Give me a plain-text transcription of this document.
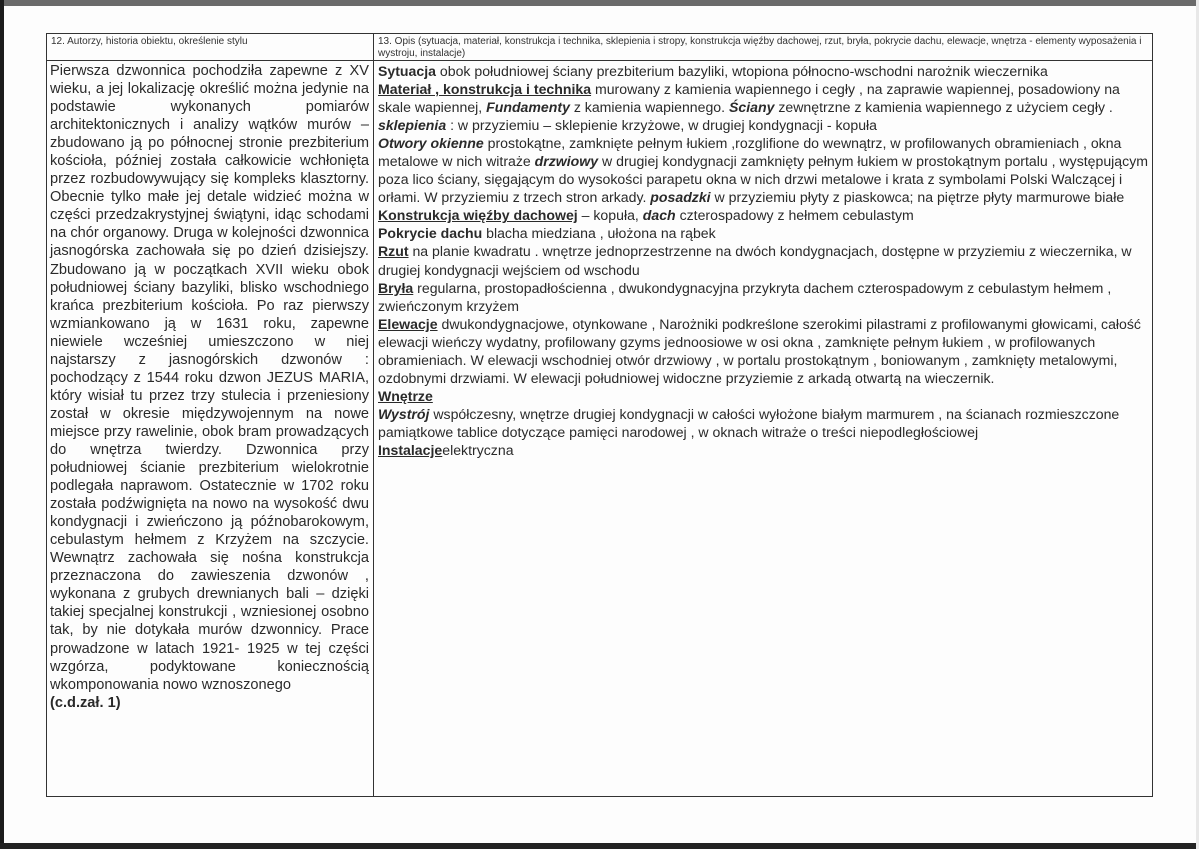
12. Autorzy, historia obiektu, określenie stylu	13. Opis (sytuacja, materiał, konstrukcja i technika, sklepienia i stropy, konstrukcja więźby dachowej, rzut, bryła, pokrycie dachu, elewacje, wnętrza - elementy wyposażenia i wystroju, instalacje)

Pierwsza dzwonnica pochodziła zapewne z XV wieku, a jej lokalizację określić można jedynie na podstawie wykonanych pomiarów architektonicznych i analizy wątków murów – zbudowano ją po północnej stronie prezbiterium kościoła, później została całkowicie wchłonięta przez rozbudowywujący się kompleks klasztorny. Obecnie tylko małe jej detale widzieć można w części przedzakrystyjnej świątyni, idąc schodami na chór organowy. Druga w kolejności dzwonnica jasnogórska zachowała się po dzień dzisiejszy. Zbudowano ją w początkach XVII wieku obok południowej ściany bazyliki, blisko wschodniego krańca prezbiterium kościoła. Po raz pierwszy wzmiankowano ją w 1631 roku, zapewne niewiele wcześniej umieszczono w niej najstarszy z jasnogórskich dzwonów : pochodzący z 1544 roku dzwon JEZUS MARIA, który wisiał tu przez trzy stulecia i przeniesiony został w okresie międzywojennym na nowe miejsce przy rawelinie, obok bram prowadzących do wnętrza twierdzy. Dzwonnica przy południowej ścianie prezbiterium wielokrotnie podlegała naprawom. Ostatecznie w 1702 roku została podźwignięta na nowo na wysokość dwu kondygnacji i zwieńczono ją późnobarokowym, cebulastym hełmem z Krzyżem na szczycie. Wewnątrz zachowała się nośna konstrukcja przeznaczona do zawieszenia dzwonów , wykonana z grubych drewnianych bali – dzięki takiej specjalnej konstrukcji , wzniesionej osobno tak, by nie dotykała murów dzwonnicy. Prace prowadzone w latach 1921- 1925 w tej części wzgórza, podyktowane koniecznością wkomponowania nowo wznoszonego

(c.d.zał. 1)

Sytuacja obok południowej ściany prezbiterium bazyliki, wtopiona północno-wschodni narożnik wieczernika
Materiał , konstrukcja i technika murowany z kamienia wapiennego i cegły , na zaprawie wapiennej, posadowiony na skale wapiennej, Fundamenty z kamienia wapiennego. Ściany zewnętrzne z kamienia wapiennego z użyciem cegły . sklepienia : w przyziemiu – sklepienie krzyżowe, w drugiej kondygnacji - kopuła
Otwory okienne prostokątne, zamknięte pełnym łukiem ,rozglifione do wewnątrz, w profilowanych obramieniach , okna metalowe w nich witraże drzwiowy w drugiej kondygnacji zamknięty pełnym łukiem w prostokątnym portalu , występującym poza lico ściany, sięgającym do wysokości parapetu okna w nich drzwi metalowe i krata z symbolami Polski Walczącej i orłami. W przyziemiu z trzech stron arkady. posadzki w przyziemiu płyty z piaskowca; na piętrze płyty marmurowe białe
Konstrukcja więźby dachowej – kopuła, dach czterospadowy z hełmem cebulastym
Pokrycie dachu blacha miedziana , ułożona na rąbek
Rzut na planie kwadratu . wnętrze jednoprzestrzenne na dwóch kondygnacjach, dostępne w przyziemiu z wieczernika, w drugiej kondygnacji wejściem od wschodu
Bryła regularna, prostopadłościenna , dwukondygnacyjna przykryta dachem czterospadowym z cebulastym hełmem , zwieńczonym krzyżem
Elewacje dwukondygnacjowe, otynkowane , Narożniki podkreślone szerokimi pilastrami z profilowanymi głowicami, całość elewacji wieńczy wydatny, profilowany gzyms jednoosiowe w osi okna , zamknięte pełnym łukiem , w profilowanych obramieniach. W elewacji wschodniej otwór drzwiowy , w portalu prostokątnym , boniowanym , zamknięty metalowymi, ozdobnymi drzwiami. W elewacji południowej widoczne przyziemie z arkadą otwartą na wieczernik.
Wnętrze
Wystrój współczesny, wnętrze drugiej kondygnacji w całości wyłożone białym marmurem , na ścianach rozmieszczone pamiątkowe tablice dotyczące pamięci narodowej , w oknach witraże o treści niepodległościowej
Instalacjeelektryczna
